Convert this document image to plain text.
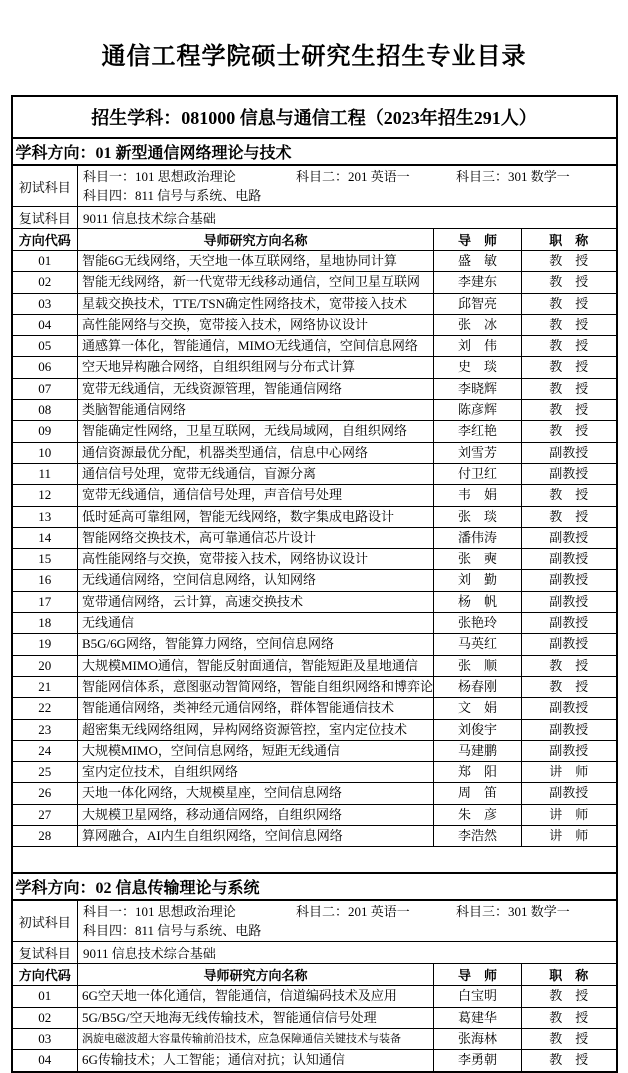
通信工程学院硕士研究生招生专业目录
招生学科：081000 信息与通信工程（2023年招生291人）			
学科方向：01 新型通信网络理论与技术			
初试科目	科目一：101 思想政治理论 科目二：201 英语一 科目三：301 数学一
科目四：811 信号与系统、电路		

复试科目	9011 信息技术综合基础		
方向代码	导师研究方向名称	导　师	职　称
01	智能6G无线网络，天空地一体互联网络，星地协同计算	盛　敏	教　授
02	智能无线网络，新一代宽带无线移动通信，空间卫星互联网	李建东	教　授
03	星载交换技术，TTE/TSN确定性网络技术，宽带接入技术	邱智亮	教　授
04	高性能网络与交换，宽带接入技术，网络协议设计	张　冰	教　授
05	通感算一体化，智能通信，MIMO无线通信，空间信息网络	刘　伟	教　授
06	空天地异构融合网络，自组织组网与分布式计算	史　琰	教　授
07	宽带无线通信，无线资源管理，智能通信网络	李晓辉	教　授
08	类脑智能通信网络	陈彦辉	教　授
09	智能确定性网络，卫星互联网，无线局域网，自组织网络	李红艳	教　授
10	通信资源最优分配，机器类型通信，信息中心网络	刘雪芳	副教授
11	通信信号处理，宽带无线通信，盲源分离	付卫红	副教授
12	宽带无线通信，通信信号处理，声音信号处理	韦　娟	教　授
13	低时延高可靠组网，智能无线网络，数字集成电路设计	张　琰	教　授
14	智能网络交换技术，高可靠通信芯片设计	潘伟涛	副教授
15	高性能网络与交换，宽带接入技术，网络协议设计	张　奭	副教授
16	无线通信网络，空间信息网络，认知网络	刘　勤	副教授
17	宽带通信网络，云计算，高速交换技术	杨　帆	副教授
18	无线通信	张艳玲	副教授
19	B5G/6G网络，智能算力网络，空间信息网络	马英红	副教授
20	大规模MIMO通信，智能反射面通信，智能短距及星地通信	张　顺	教　授
21	智能网信体系，意图驱动智简网络，智能自组织网络和博弈论	杨春刚	教　授
22	智能通信网络，类神经元通信网络，群体智能通信技术	文　娟	副教授
23	超密集无线网络组网，异构网络资源管控，室内定位技术	刘俊宇	副教授
24	大规模MIMO，空间信息网络，短距无线通信	马建鹏	副教授
25	室内定位技术，自组织网络	郑　阳	讲　师
26	天地一体化网络，大规模星座，空间信息网络	周　笛	副教授
27	大规模卫星网络，移动通信网络，自组织网络	朱　彦	讲　师
28	算网融合，AI内生自组织网络，空间信息网络	李浩然	讲　师

学科方向：02 信息传输理论与系统			
初试科目	科目一：101 思想政治理论 科目二：201 英语一 科目三：301 数学一
科目四：811 信号与系统、电路		

复试科目	9011 信息技术综合基础		
方向代码	导师研究方向名称	导　师	职　称
01	6G空天地一体化通信，智能通信，信道编码技术及应用	白宝明	教　授
02	5G/B5G/空天地海无线传输技术，智能通信信号处理	葛建华	教　授
03	涡旋电磁波超大容量传输前沿技术，应急保障通信关键技术与装备	张海林	教　授
04	6G传输技术；人工智能；通信对抗；认知通信	李勇朝	教　授
